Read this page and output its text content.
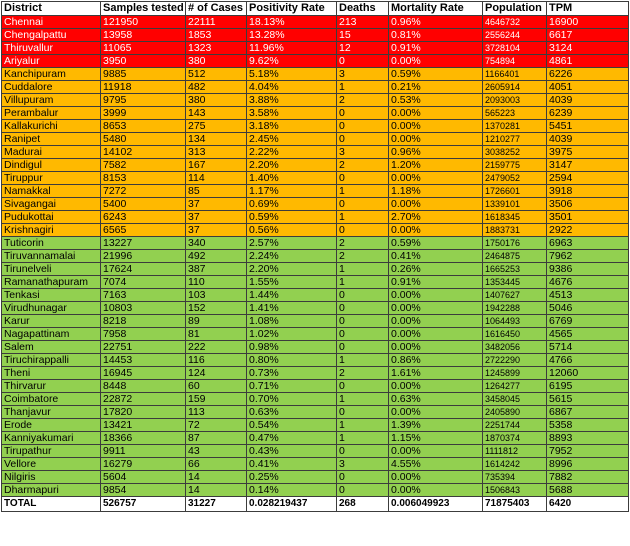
District	Samples tested	# of Cases	Positivity Rate	Deaths	Mortality Rate	Population	TPM
Chennai	121950	22111	18.13%	213	0.96%	4646732	16900
Chengalpattu	13958	1853	13.28%	15	0.81%	2556244	6617
Thiruvallur	11065	1323	11.96%	12	0.91%	3728104	3124
Ariyalur	3950	380	9.62%	0	0.00%	754894	4861
Kanchipuram	9885	512	5.18%	3	0.59%	1166401	6226
Cuddalore	11918	482	4.04%	1	0.21%	2605914	4051
Villupuram	9795	380	3.88%	2	0.53%	2093003	4039
Perambalur	3999	143	3.58%	0	0.00%	565223	6239
Kallakurichi	8653	275	3.18%	0	0.00%	1370281	5451
Ranipet	5480	134	2.45%	0	0.00%	1210277	4039
Madurai	14102	313	2.22%	3	0.96%	3038252	3975
Dindigul	7582	167	2.20%	2	1.20%	2159775	3147
Tiruppur	8153	114	1.40%	0	0.00%	2479052	2594
Namakkal	7272	85	1.17%	1	1.18%	1726601	3918
Sivagangai	5400	37	0.69%	0	0.00%	1339101	3506
Pudukottai	6243	37	0.59%	1	2.70%	1618345	3501
Krishnagiri	6565	37	0.56%	0	0.00%	1883731	2922
Tuticorin	13227	340	2.57%	2	0.59%	1750176	6963
Tiruvannamalai	21996	492	2.24%	2	0.41%	2464875	7962
Tirunelveli	17624	387	2.20%	1	0.26%	1665253	9386
Ramanathapuram	7074	110	1.55%	1	0.91%	1353445	4676
Tenkasi	7163	103	1.44%	0	0.00%	1407627	4513
Virudhunagar	10803	152	1.41%	0	0.00%	1942288	5046
Karur	8218	89	1.08%	0	0.00%	1064493	6769
Nagapattinam	7958	81	1.02%	0	0.00%	1616450	4565
Salem	22751	222	0.98%	0	0.00%	3482056	5714
Tiruchirappalli	14453	116	0.80%	1	0.86%	2722290	4766
Theni	16945	124	0.73%	2	1.61%	1245899	12060
Thirvarur	8448	60	0.71%	0	0.00%	1264277	6195
Coimbatore	22872	159	0.70%	1	0.63%	3458045	5615
Thanjavur	17820	113	0.63%	0	0.00%	2405890	6867
Erode	13421	72	0.54%	1	1.39%	2251744	5358
Kanniyakumari	18366	87	0.47%	1	1.15%	1870374	8893
Tirupathur	9911	43	0.43%	0	0.00%	1111812	7952
Vellore	16279	66	0.41%	3	4.55%	1614242	8996
Nilgiris	5604	14	0.25%	0	0.00%	735394	7882
Dharmapuri	9854	14	0.14%	0	0.00%	1506843	5688
TOTAL	526757	31227	0.028219437	268	0.006049923	71875403	6420
